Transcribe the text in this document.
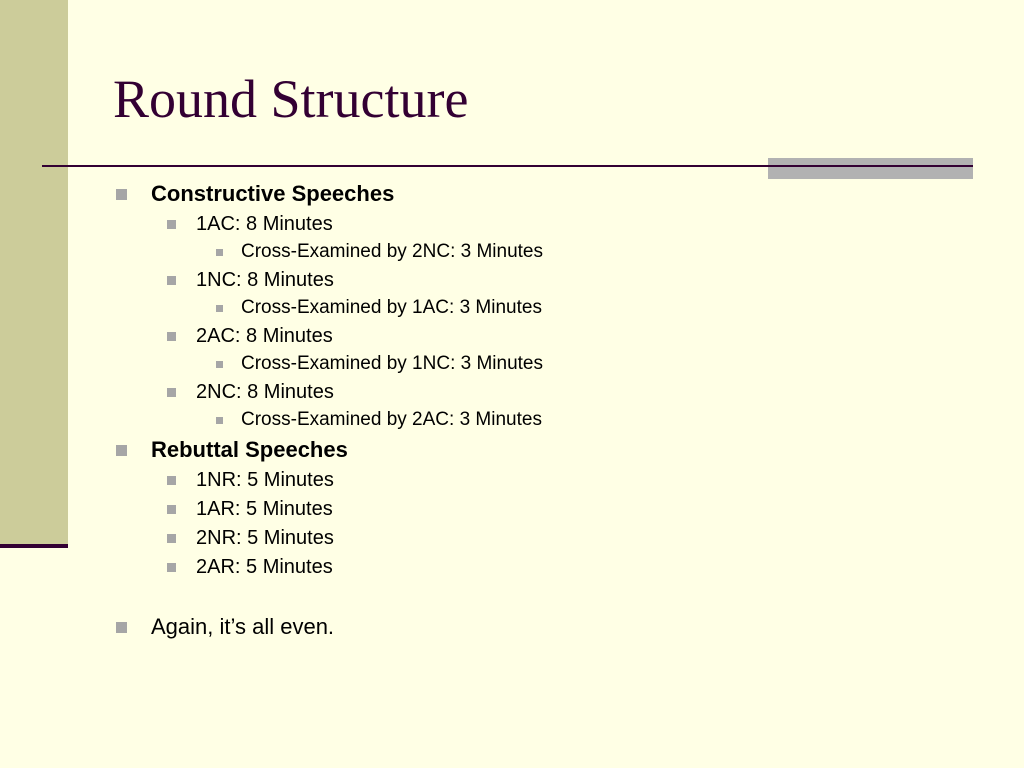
Round Structure
Constructive Speeches
1AC: 8 Minutes
Cross-Examined by 2NC: 3 Minutes
1NC: 8 Minutes
Cross-Examined by 1AC: 3 Minutes
2AC: 8 Minutes
Cross-Examined by 1NC: 3 Minutes
2NC: 8 Minutes
Cross-Examined by 2AC: 3 Minutes
Rebuttal Speeches
1NR: 5 Minutes
1AR: 5 Minutes
2NR: 5 Minutes
2AR: 5 Minutes
Again, it’s all even.
